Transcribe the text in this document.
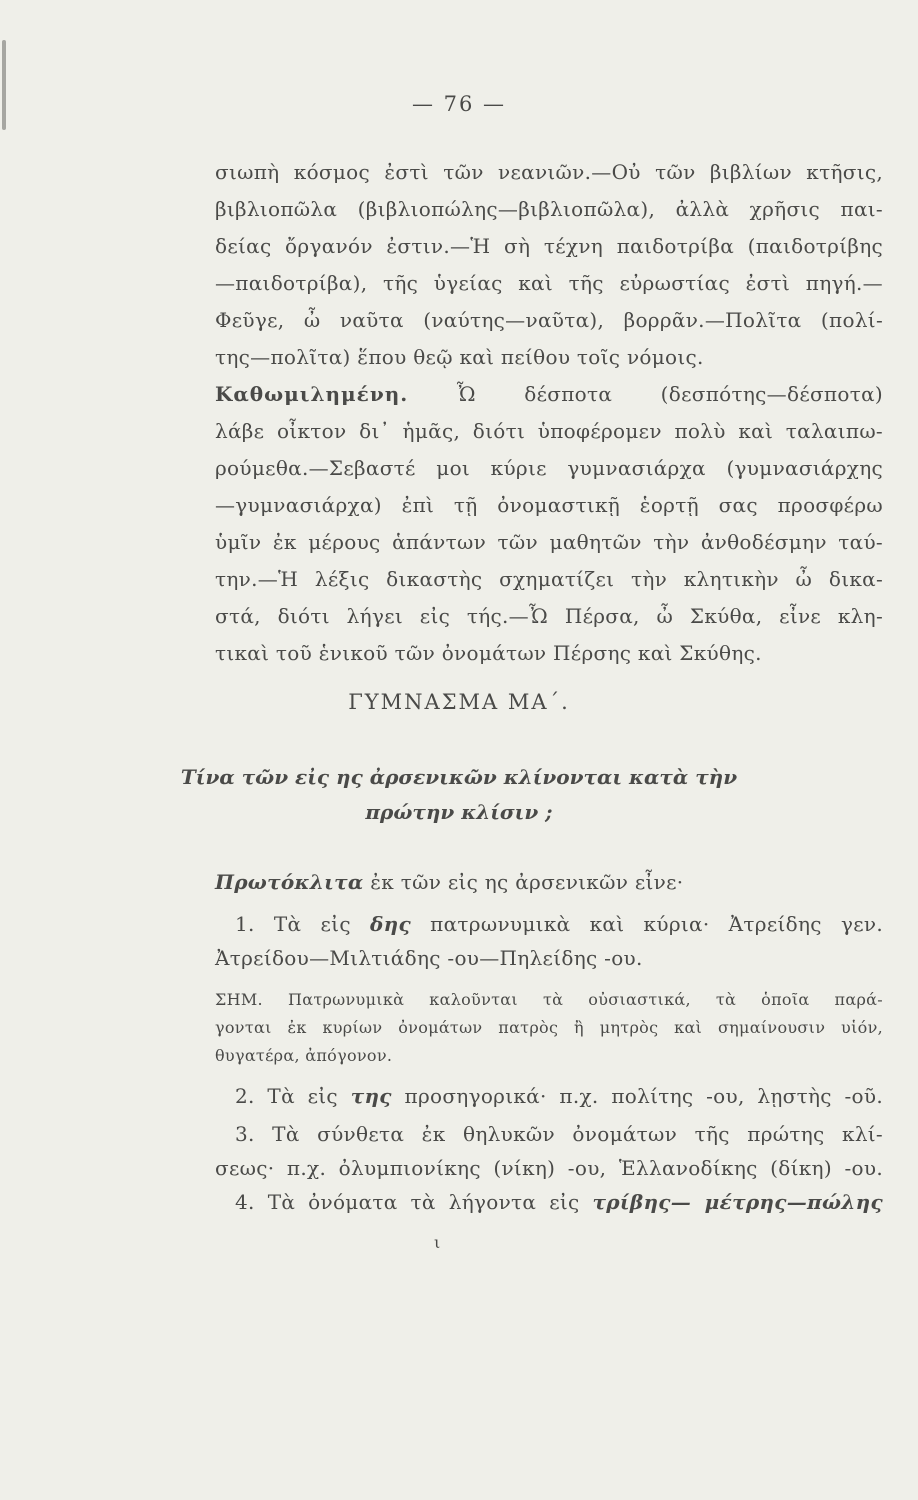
— 76 —
σιωπὴ κόσμος ἐστὶ τῶν νεανιῶν.—Οὐ τῶν βιβλίων κτῆσις,
βιβλιοπῶλα (βιβλιοπώλης—βιβλιοπῶλα), ἀλλὰ χρῆσις παι-
δείας ὄργανόν ἐστιν.—Ἡ σὴ τέχνη παιδοτρίβα (παιδοτρίβης
—παιδοτρίβα), τῆς ὑγείας καὶ τῆς εὐρωστίας ἐστὶ πηγή.—
Φεῦγε, ὦ ναῦτα (ναύτης—ναῦτα), βορρᾶν.—Πολῖτα (πολί-
της—πολῖτα) ἕπου θεῷ καὶ πείθου τοῖς νόμοις.
Καθωμιλημένη. Ὦ δέσποτα (δεσπότης—δέσποτα)
λάβε οἶκτον δι᾽ ἡμᾶς, διότι ὑποφέρομεν πολὺ καὶ ταλαιπω-
ρούμεθα.—Σεβαστέ μοι κύριε γυμνασιάρχα (γυμνασιάρχης
—γυμνασιάρχα) ἐπὶ τῇ ὀνομαστικῇ ἑορτῇ σας προσφέρω
ὑμῖν ἐκ μέρους ἁπάντων τῶν μαθητῶν τὴν ἀνθοδέσμην ταύ-
την.—Ἡ λέξις δικαστὴς σχηματίζει τὴν κλητικὴν ὦ δικα-
στά, διότι λήγει εἰς τής.—Ὦ Πέρσα, ὦ Σκύθα, εἶνε κλη-
τικαὶ τοῦ ἑνικοῦ τῶν ὀνομάτων Πέρσης καὶ Σκύθης.
ΓΥΜΝΑΣΜΑ ΜΑ΄.
Τίνα τῶν εἰς ης ἀρσενικῶν κλίνονται κατὰ τὴν
πρώτην κλίσιν ;
Πρωτόκλιτα ἐκ τῶν εἰς ης ἀρσενικῶν εἶνε·
1. Τὰ εἰς δης πατρωνυμικὰ καὶ κύρια· Ἀτρείδης γεν.
Ἀτρείδου—Μιλτιάδης -ου—Πηλείδης -ου.
ΣΗΜ. Πατρωνυμικὰ καλοῦνται τὰ οὐσιαστικά, τὰ ὁποῖα παρά-
γονται ἐκ κυρίων ὀνομάτων πατρὸς ἢ μητρὸς καὶ σημαίνουσιν υἱόν,
θυγατέρα, ἀπόγονον.
2. Τὰ εἰς της προσηγορικά· π.χ. πολίτης -ου, λῃστὴς -οῦ.
3. Τὰ σύνθετα ἐκ θηλυκῶν ὀνομάτων τῆς πρώτης κλί-
σεως· π.χ. ὀλυμπιονίκης (νίκη) -ου, Ἑλλανοδίκης (δίκη) -ου.
4. Τὰ ὀνόματα τὰ λήγοντα εἰς τρίβης— μέτρης—πώλης
ι
